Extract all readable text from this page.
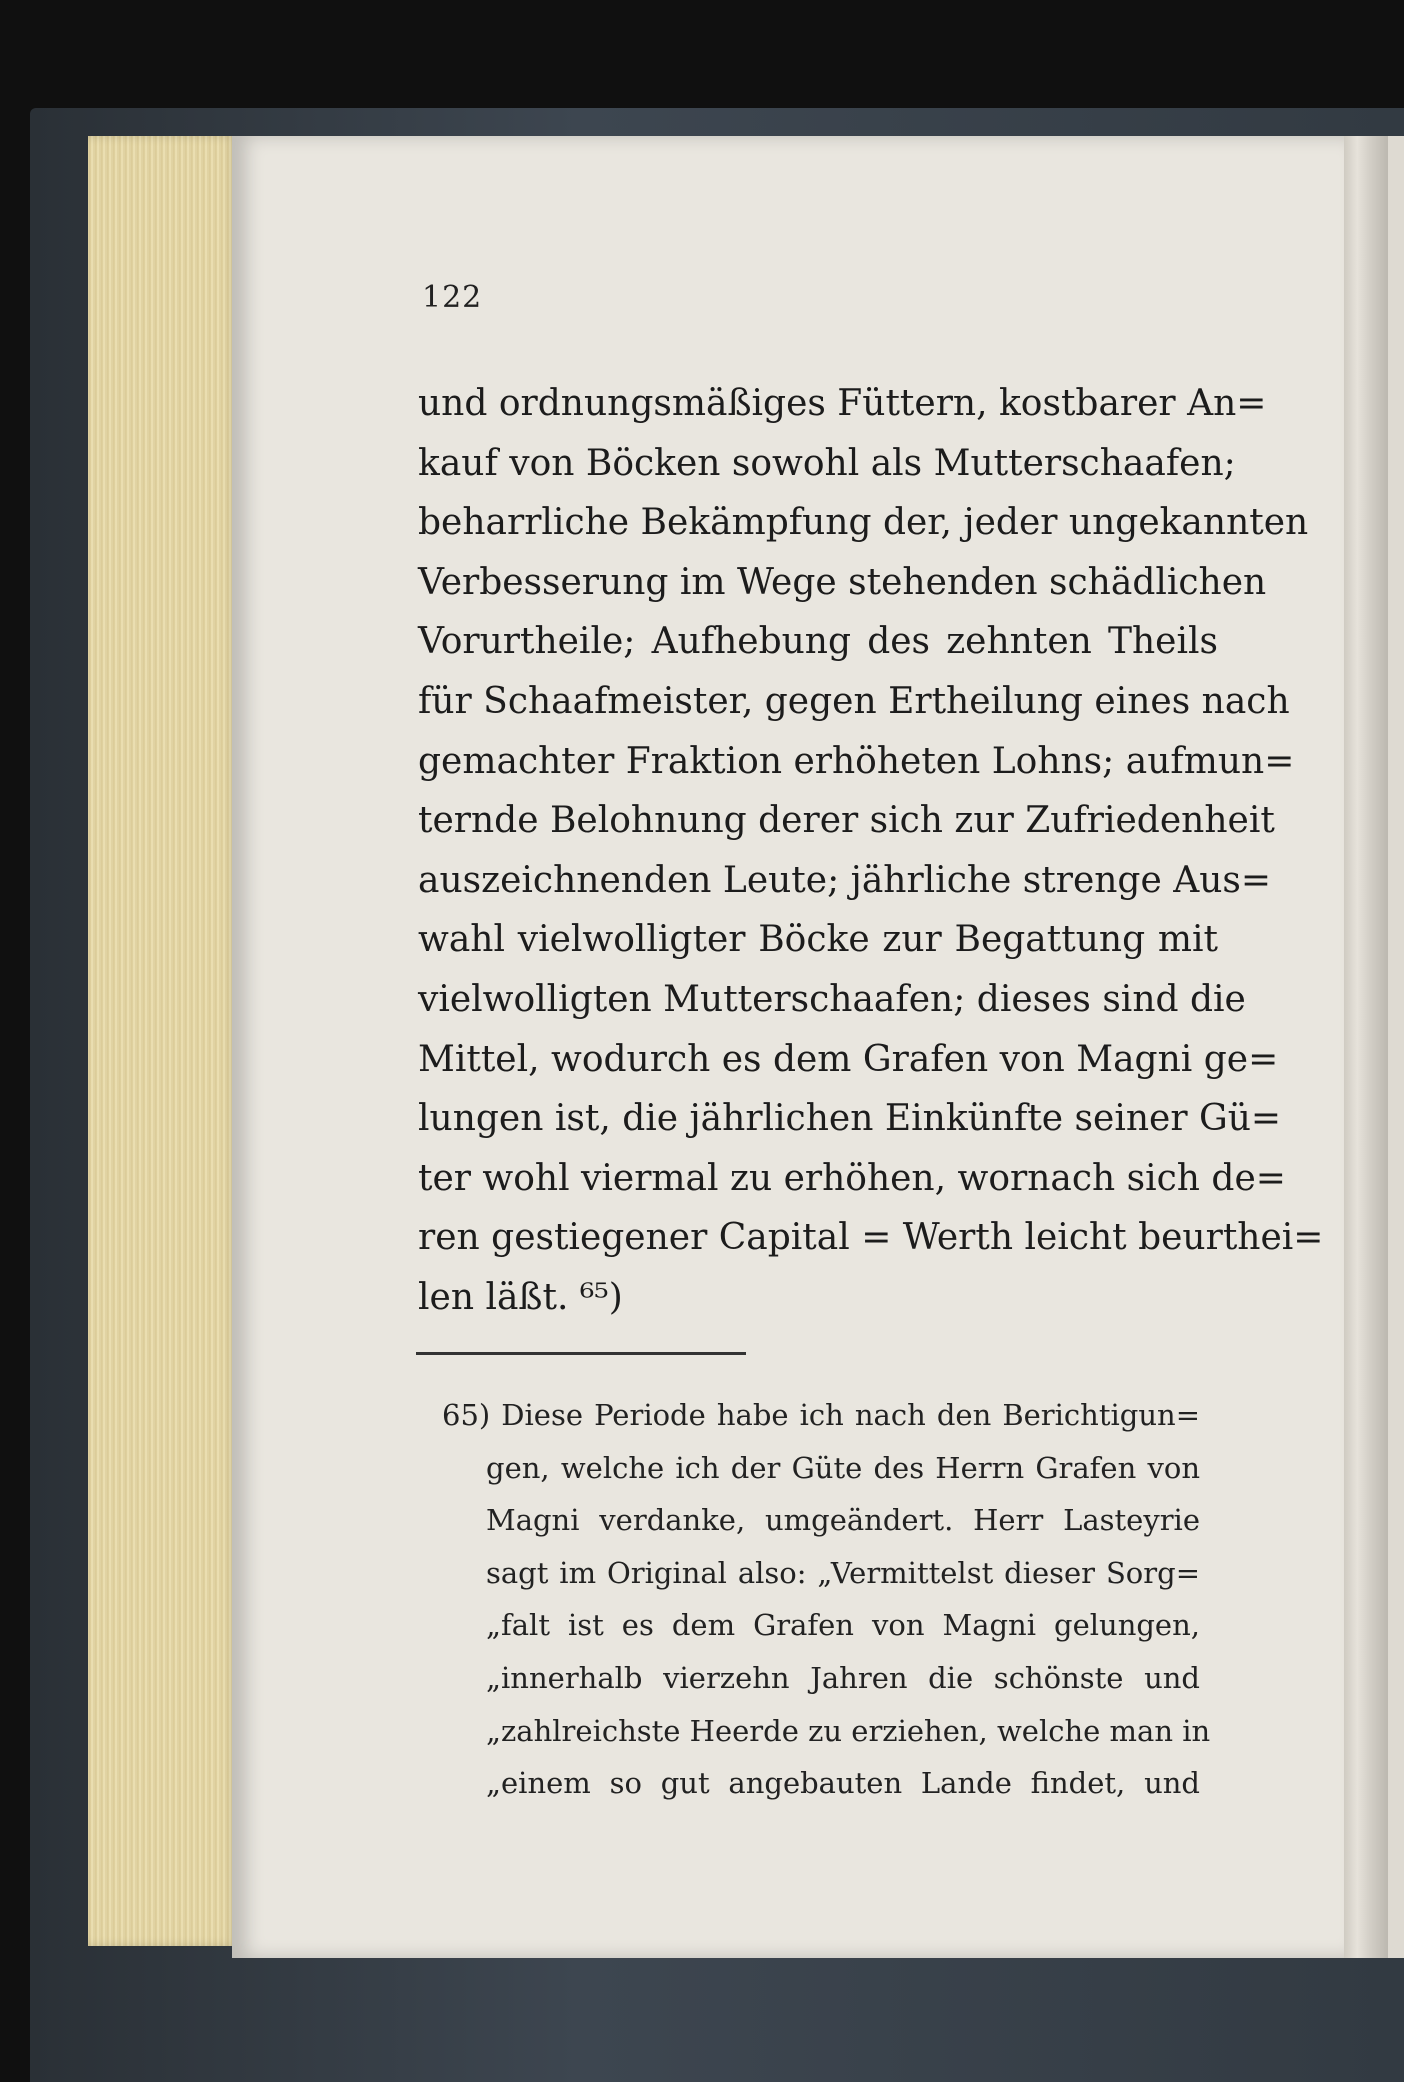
122
und ordnungsmäßiges Füttern, kostbarer An=
kauf von Böcken sowohl als Mutterschaafen;
beharrliche Bekämpfung der, jeder ungekannten
Verbesserung im Wege stehenden schädlichen
Vorurtheile; Aufhebung des zehnten Theils
für Schaafmeister, gegen Ertheilung eines nach
gemachter Fraktion erhöheten Lohns; aufmun=
ternde Belohnung derer sich zur Zufriedenheit
auszeichnenden Leute; jährliche strenge Aus=
wahl vielwolligter Böcke zur Begattung mit
vielwolligten Mutterschaafen; dieses sind die
Mittel, wodurch es dem Grafen von Magni ge=
lungen ist, die jährlichen Einkünfte seiner Gü=
ter wohl viermal zu erhöhen, wornach sich de=
ren gestiegener Capital = Werth leicht beurthei=
len läßt. ⁶⁵)
65) Diese Periode habe ich nach den Berichtigun=
gen, welche ich der Güte des Herrn Grafen von
Magni verdanke, umgeändert. Herr Lasteyrie
sagt im Original also: „Vermittelst dieser Sorg=
„falt ist es dem Grafen von Magni gelungen,
„innerhalb vierzehn Jahren die schönste und
„zahlreichste Heerde zu erziehen, welche man in
„einem so gut angebauten Lande findet, und
